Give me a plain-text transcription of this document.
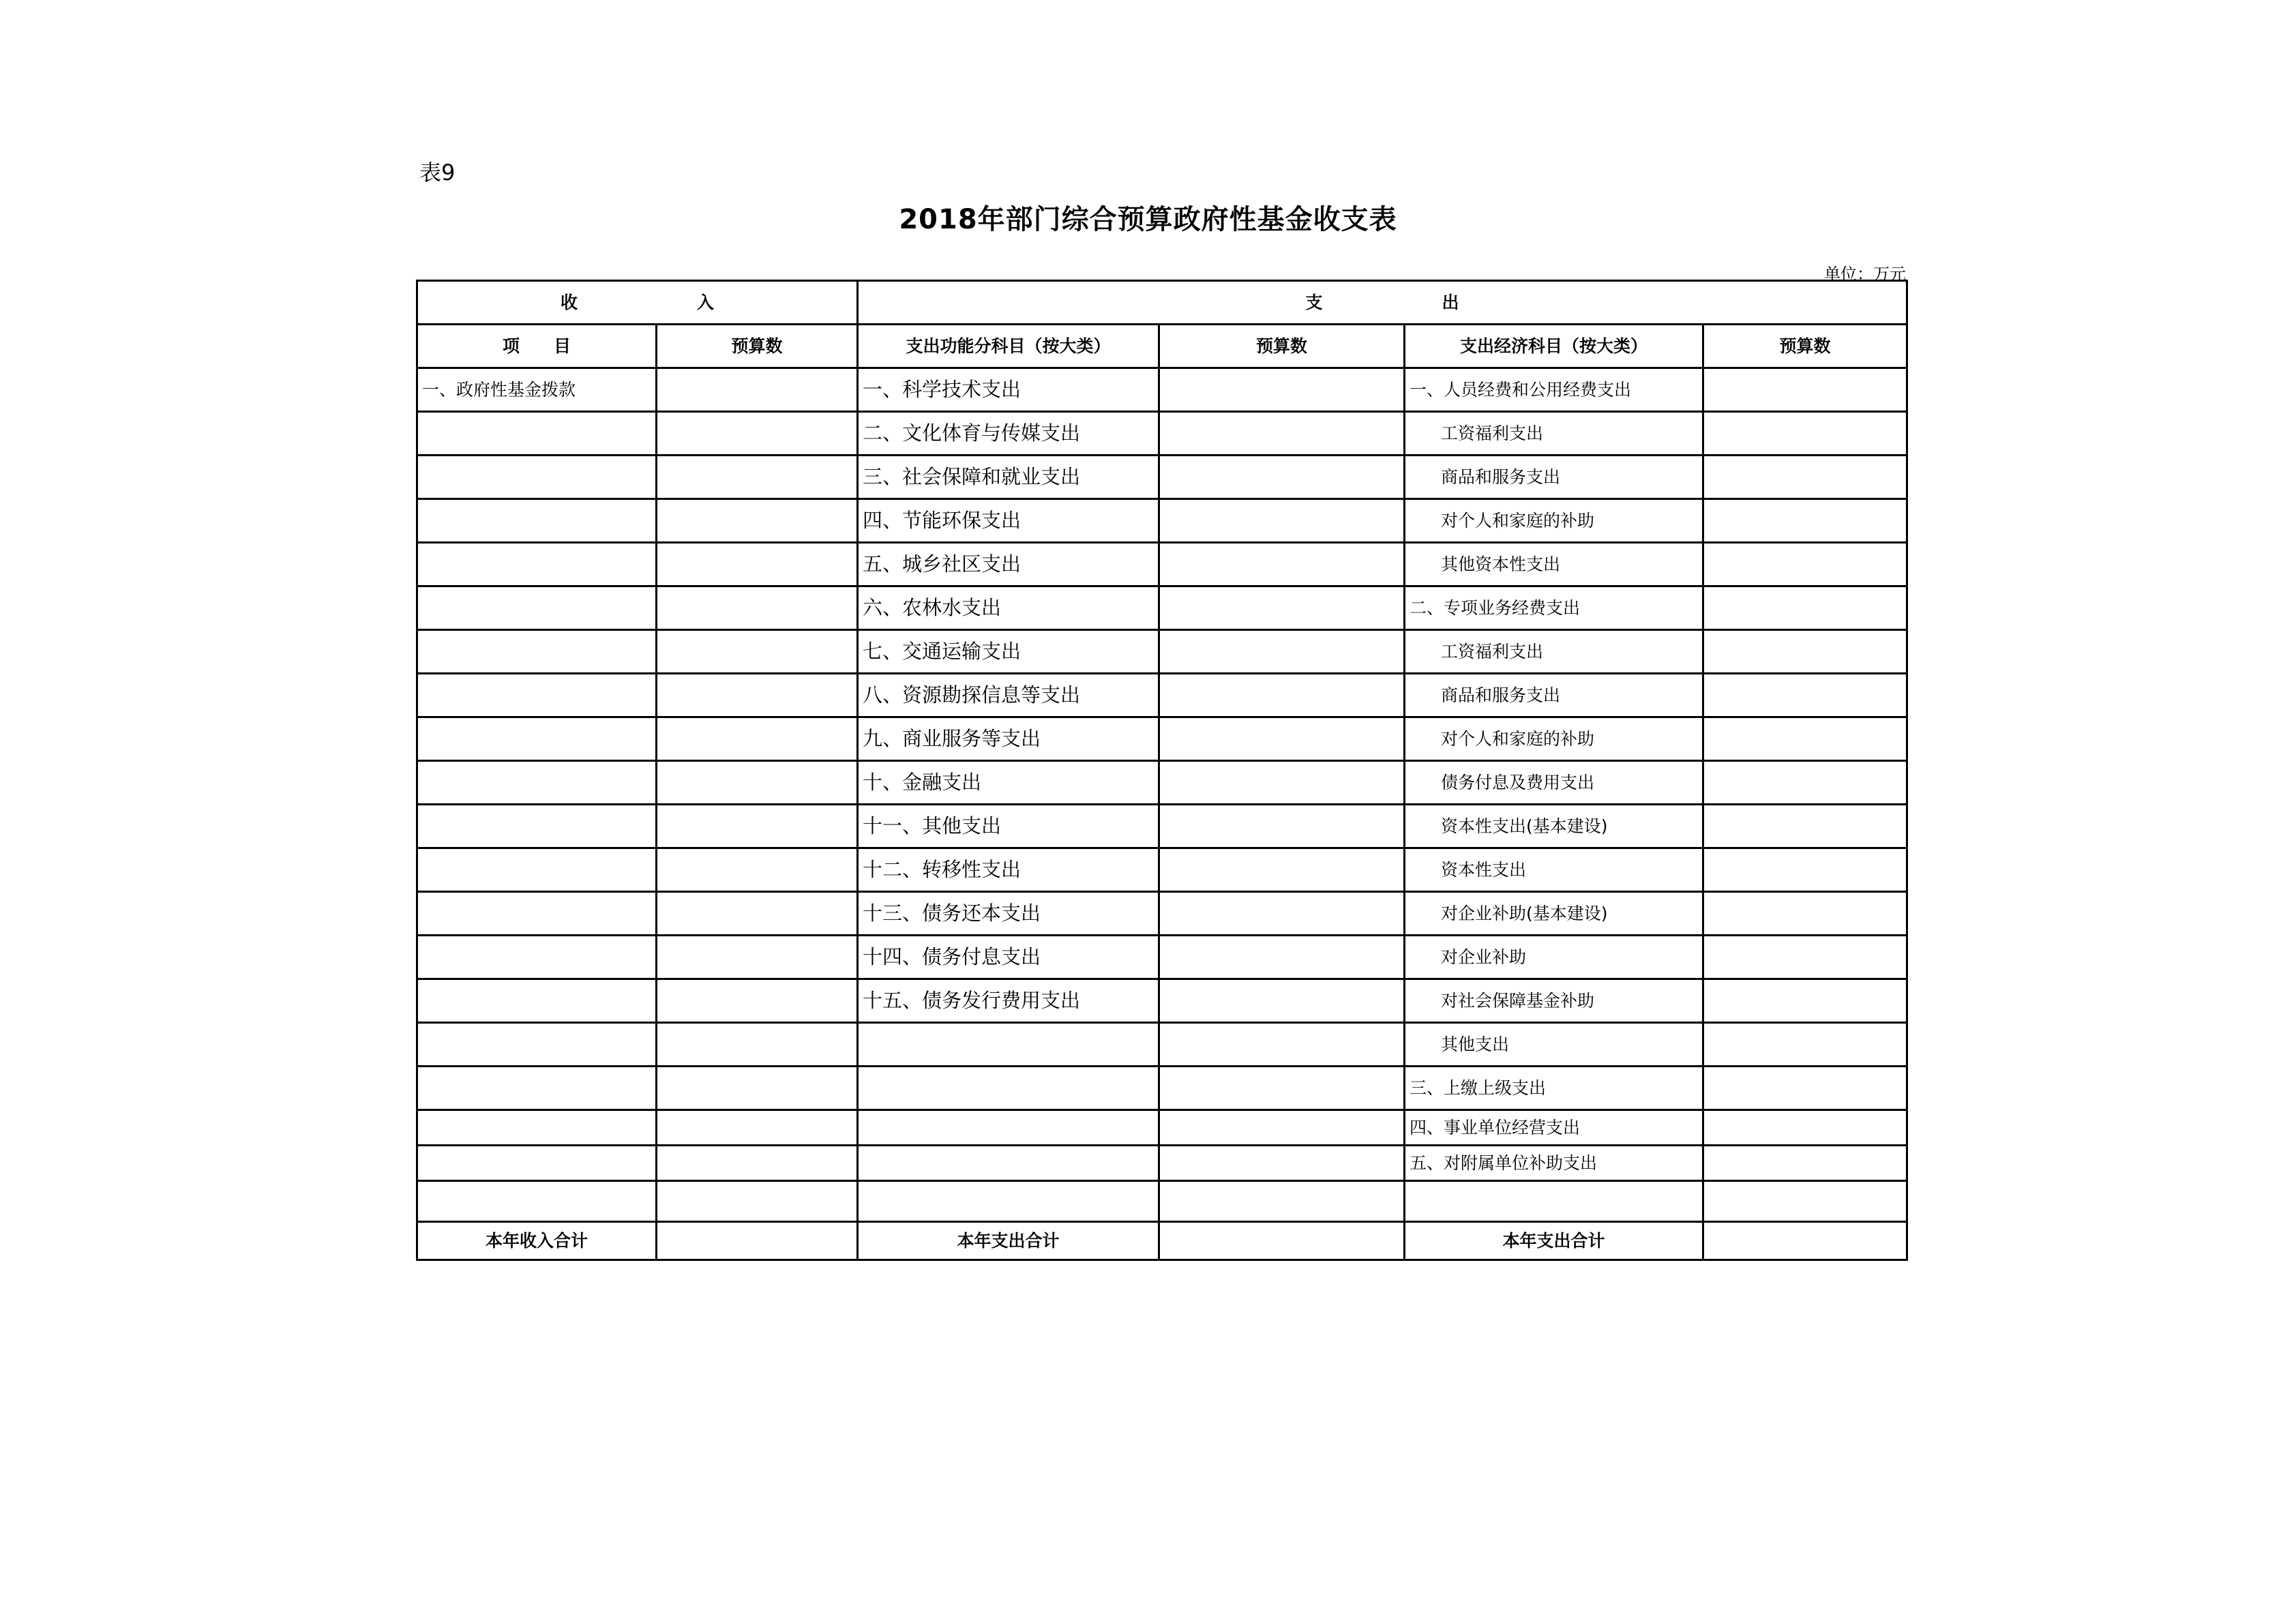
表9
2018年部门综合预算政府性基金收支表
单位：万元
收　　　　　　　入		支　　　　　　　出			
项　　目	预算数	支出功能分科目（按大类）	预算数	支出经济科目（按大类）	预算数
一、政府性基金拨款		一、科学技术支出		一、人员经费和公用经费支出	
		二、文化体育与传媒支出		工资福利支出	
		三、社会保障和就业支出		商品和服务支出	
		四、节能环保支出		对个人和家庭的补助	
		五、城乡社区支出		其他资本性支出	
		六、农林水支出		二、专项业务经费支出	
		七、交通运输支出		工资福利支出	
		八、资源勘探信息等支出		商品和服务支出	
		九、商业服务等支出		对个人和家庭的补助	
		十、金融支出		债务付息及费用支出	
		十一、其他支出		资本性支出(基本建设)	
		十二、转移性支出		资本性支出	
		十三、债务还本支出		对企业补助(基本建设)	
		十四、债务付息支出		对企业补助	
		十五、债务发行费用支出		对社会保障基金补助	
				其他支出	
				三、上缴上级支出	
				四、事业单位经营支出	
				五、对附属单位补助支出	

本年收入合计		本年支出合计		本年支出合计	
